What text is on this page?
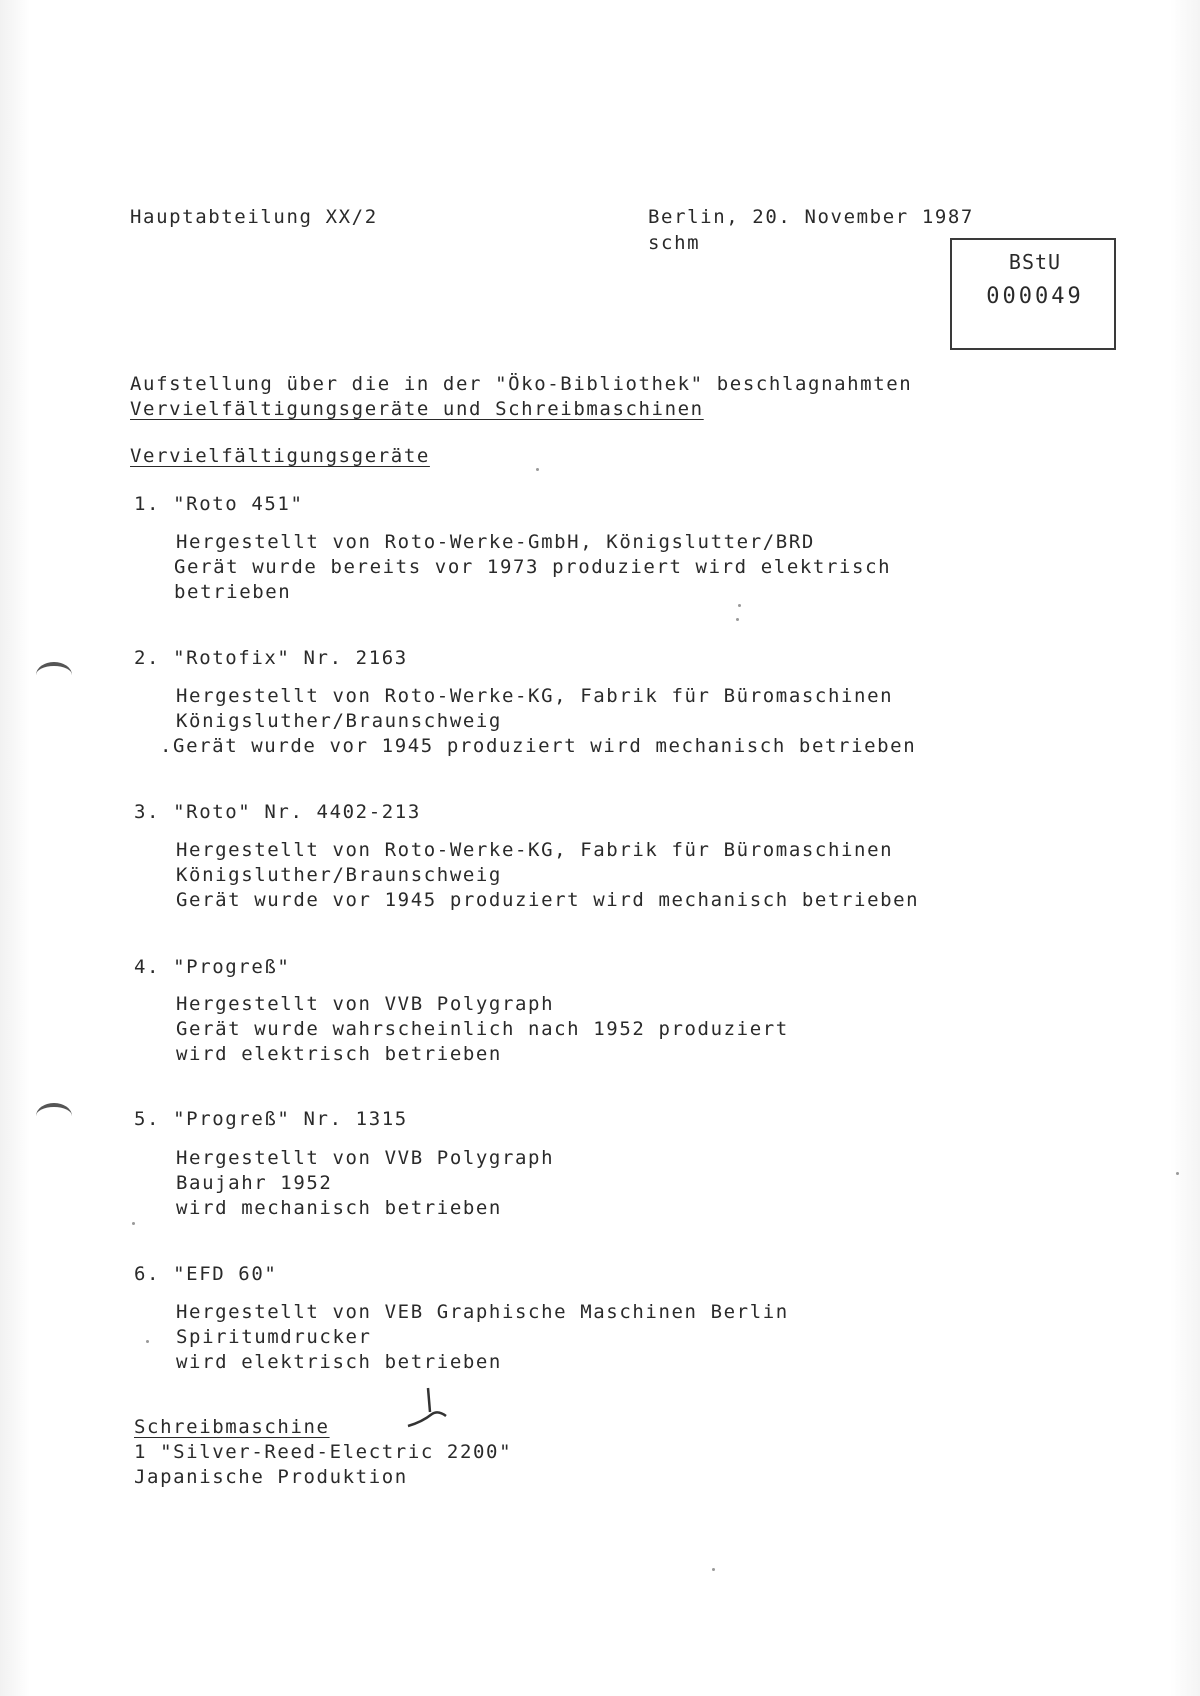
Hauptabteilung XX/2	Berlin, 20. November 1987
schm
BStU
000049
Aufstellung über die in der "Öko-Bibliothek" beschlagnahmten
Vervielfältigungsgeräte und Schreibmaschinen
Vervielfältigungsgeräte
1. "Roto 451"
Hergestellt von Roto-Werke-GmbH, Königslutter/BRD
Gerät wurde bereits vor 1973 produziert wird elektrisch
betrieben
2. "Rotofix" Nr. 2163
Hergestellt von Roto-Werke-KG, Fabrik für Büromaschinen
Königsluther/Braunschweig
.Gerät wurde vor 1945 produziert wird mechanisch betrieben
3. "Roto" Nr. 4402-213
Hergestellt von Roto-Werke-KG, Fabrik für Büromaschinen
Königsluther/Braunschweig
Gerät wurde vor 1945 produziert wird mechanisch betrieben
4. "Progreß"
Hergestellt von VVB Polygraph
Gerät wurde wahrscheinlich nach 1952 produziert
wird elektrisch betrieben
5. "Progreß" Nr. 1315
Hergestellt von VVB Polygraph
Baujahr 1952
wird mechanisch betrieben
6. "EFD 60"
Hergestellt von VEB Graphische Maschinen Berlin
Spiritumdrucker
wird elektrisch betrieben
Schreibmaschine
1 "Silver-Reed-Electric 2200"
Japanische Produktion
